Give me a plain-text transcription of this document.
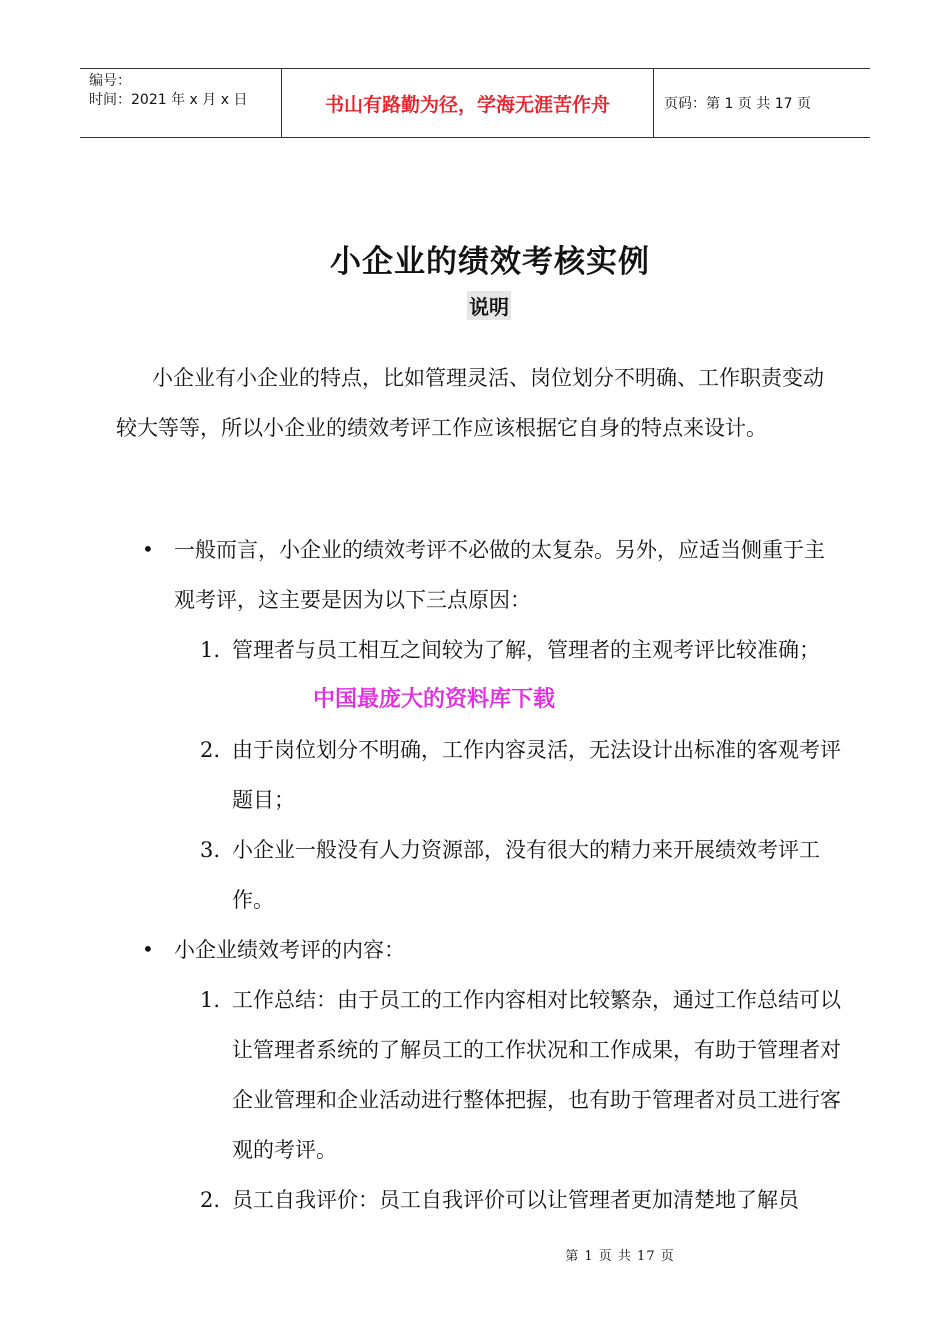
编号：
时间：2021 年 x 月 x 日	书山有路勤为径，学海无涯苦作舟	页码：第 1 页 共 17 页
小企业的绩效考核实例
说明
小企业有小企业的特点，比如管理灵活、岗位划分不明确、工作职责变动较大等等，所以小企业的绩效考评工作应该根据它自身的特点来设计。
• 一般而言，小企业的绩效考评不必做的太复杂。另外，应适当侧重于主观考评，这主要是因为以下三点原因：
1. 管理者与员工相互之间较为了解，管理者的主观考评比较准确；
中国最庞大的资料库下载
2. 由于岗位划分不明确，工作内容灵活，无法设计出标准的客观考评题目；
3. 小企业一般没有人力资源部，没有很大的精力来开展绩效考评工作。
• 小企业绩效考评的内容：
1. 工作总结：由于员工的工作内容相对比较繁杂，通过工作总结可以让管理者系统的了解员工的工作状况和工作成果，有助于管理者对企业管理和企业活动进行整体把握，也有助于管理者对员工进行客观的考评。
2. 员工自我评价：员工自我评价可以让管理者更加清楚地了解员
第 1 页 共 17 页
